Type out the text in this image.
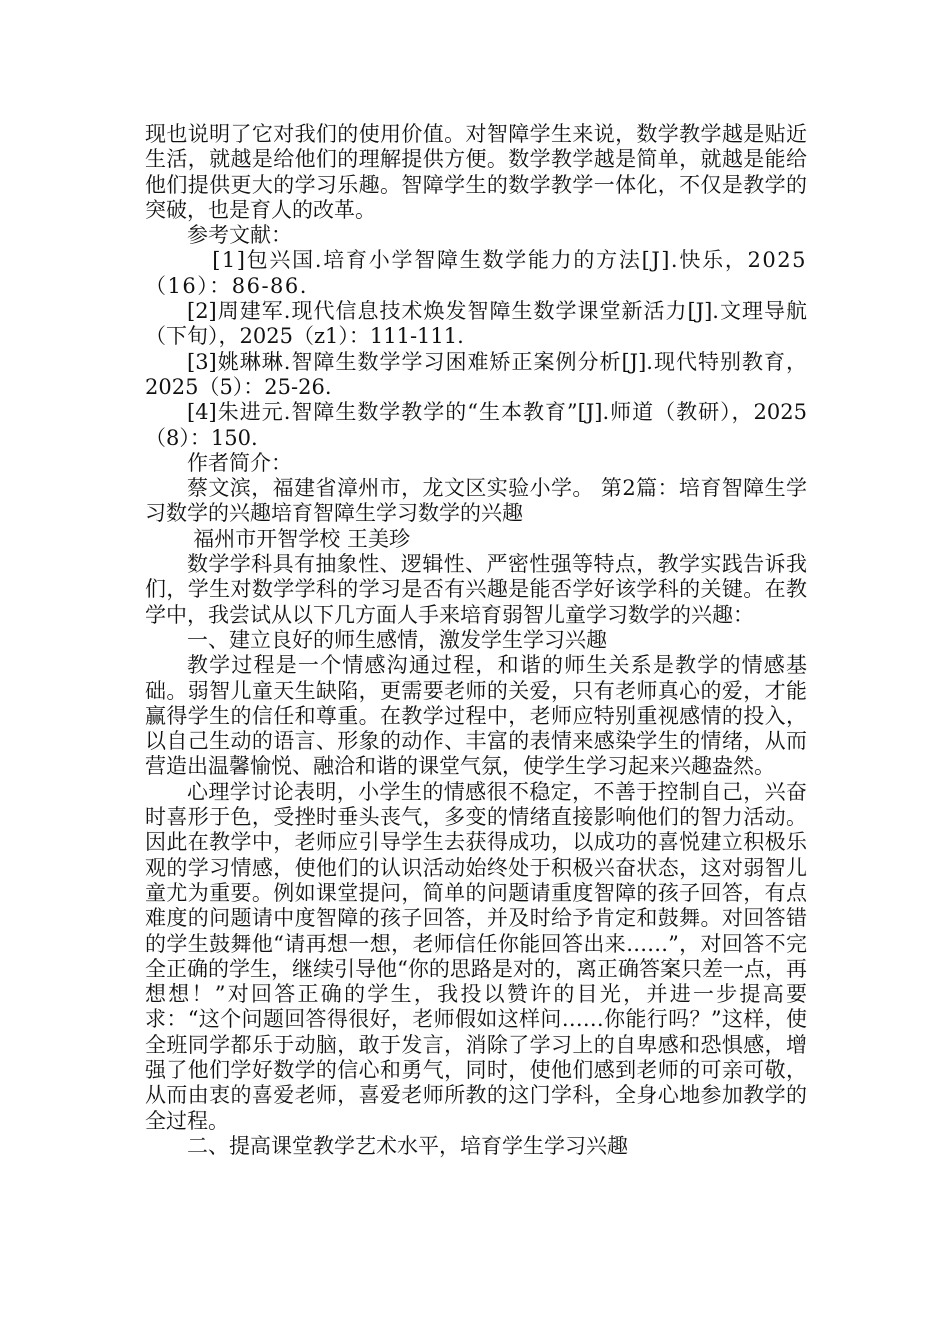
现也说明了它对我们的使用价值。对智障学生来说，数学教学越是贴近生活，就越是给他们的理解提供方便。数学教学越是简单，就越是能给他们提供更大的学习乐趣。智障学生的数学教学一体化，不仅是教学的突破，也是育人的改革。

参考文献：

[1]包兴国.培育小学智障生数学能力的方法[J].快乐，2025（16）：86-86.

[2]周建军.现代信息技术焕发智障生数学课堂新活力[J].文理导航（下旬），2025（z1）：111-111.

[3]姚琳琳.智障生数学学习困难矫正案例分析[J].现代特别教育，2025（5）：25-26.

[4]朱进元.智障生数学教学的“生本教育”[J].师道（教研），2025（8）：150.

作者简介：

蔡文滨，福建省漳州市，龙文区实验小学。 第2篇：培育智障生学习数学的兴趣培育智障生学习数学的兴趣

福州市开智学校 王美珍

数学学科具有抽象性、逻辑性、严密性强等特点，教学实践告诉我们，学生对数学学科的学习是否有兴趣是能否学好该学科的关键。在教学中，我尝试从以下几方面人手来培育弱智儿童学习数学的兴趣：

一、建立良好的师生感情，激发学生学习兴趣

教学过程是一个情感沟通过程，和谐的师生关系是教学的情感基础。弱智儿童天生缺陷，更需要老师的关爱，只有老师真心的爱，才能赢得学生的信任和尊重。在教学过程中，老师应特别重视感情的投入，以自己生动的语言、形象的动作、丰富的表情来感染学生的情绪，从而营造出温馨愉悦、融洽和谐的课堂气氛，使学生学习起来兴趣盎然。

心理学讨论表明，小学生的情感很不稳定，不善于控制自己，兴奋时喜形于色，受挫时垂头丧气，多变的情绪直接影响他们的智力活动。因此在教学中，老师应引导学生去获得成功，以成功的喜悦建立积极乐观的学习情感，使他们的认识活动始终处于积极兴奋状态，这对弱智儿童尤为重要。例如课堂提问，简单的问题请重度智障的孩子回答，有点难度的问题请中度智障的孩子回答，并及时给予肯定和鼓舞。对回答错的学生鼓舞他“请再想一想，老师信任你能回答出来……”，对回答不完全正确的学生，继续引导他“你的思路是对的，离正确答案只差一点，再想想！”对回答正确的学生，我投以赞许的目光，并进一步提高要求：“这个问题回答得很好，老师假如这样问……你能行吗？”这样，使全班同学都乐于动脑，敢于发言，消除了学习上的自卑感和恐惧感，增强了他们学好数学的信心和勇气，同时，使他们感到老师的可亲可敬，从而由衷的喜爱老师，喜爱老师所教的这门学科，全身心地参加教学的全过程。

二、提高课堂教学艺术水平，培育学生学习兴趣
